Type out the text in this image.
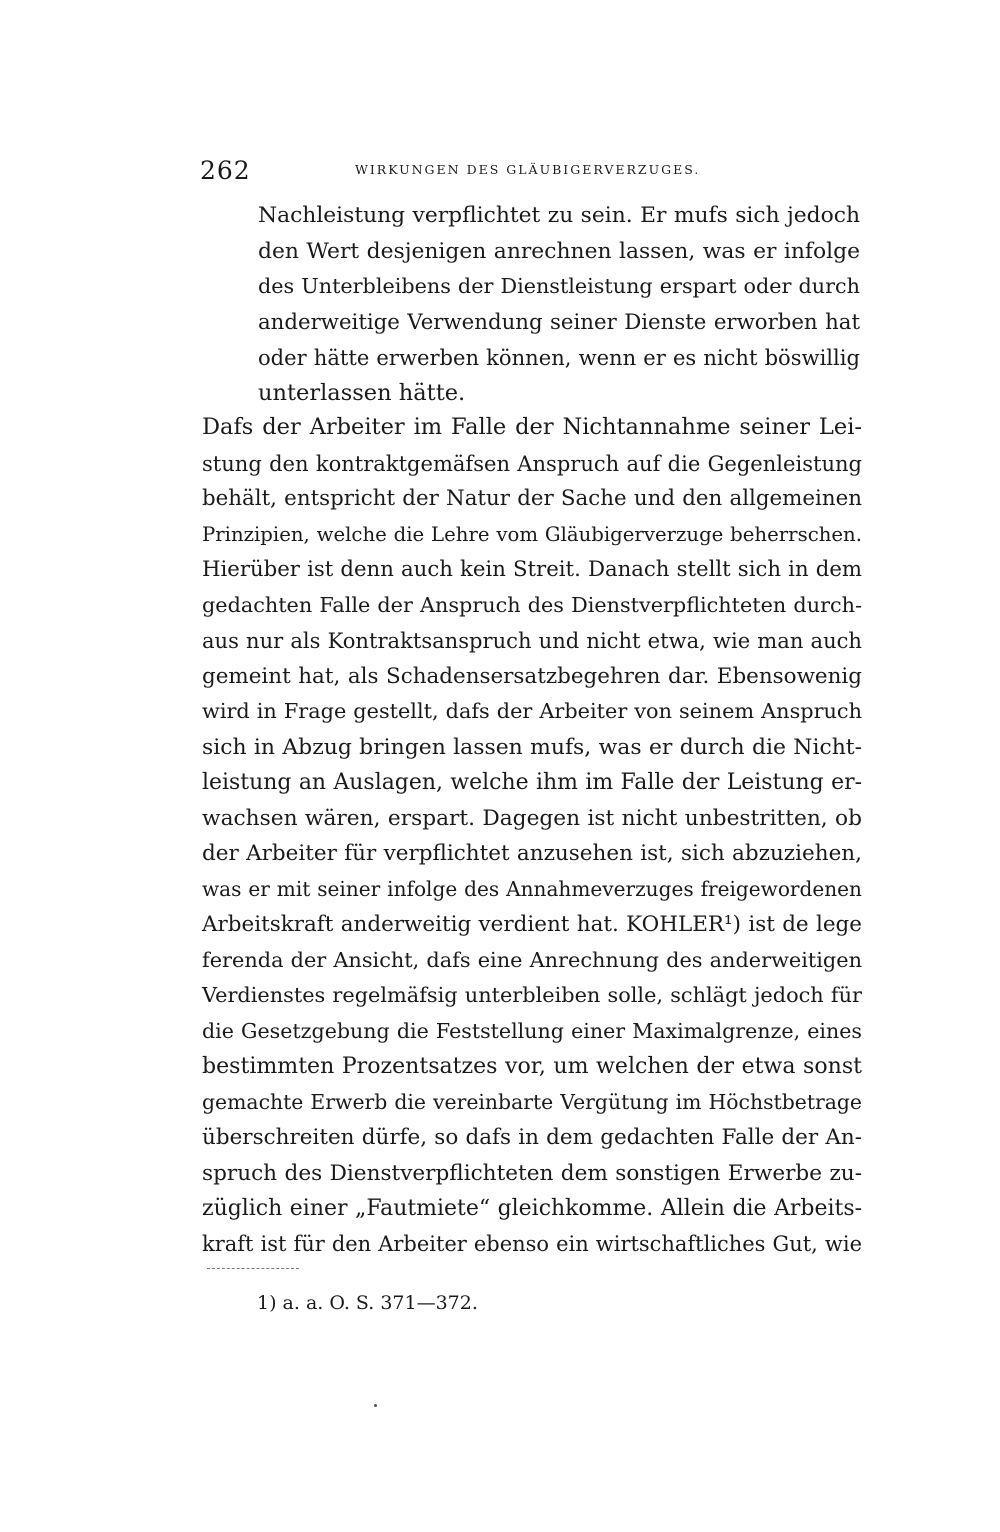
262	WIRKUNGEN DES GLÄUBIGERVERZUGES.
Nachleistung verpflichtet zu sein. Er mufs sich jedoch
den Wert desjenigen anrechnen lassen, was er infolge
des Unterbleibens der Dienstleistung erspart oder durch
anderweitige Verwendung seiner Dienste erworben hat
oder hätte erwerben können, wenn er es nicht böswillig
unterlassen hätte.
Dafs der Arbeiter im Falle der Nichtannahme seiner Lei-
stung den kontraktgemäfsen Anspruch auf die Gegenleistung
behält, entspricht der Natur der Sache und den allgemeinen
Prinzipien, welche die Lehre vom Gläubigerverzuge beherrschen.
Hierüber ist denn auch kein Streit. Danach stellt sich in dem
gedachten Falle der Anspruch des Dienstverpflichteten durch-
aus nur als Kontraktsanspruch und nicht etwa, wie man auch
gemeint hat, als Schadensersatzbegehren dar. Ebensowenig
wird in Frage gestellt, dafs der Arbeiter von seinem Anspruch
sich in Abzug bringen lassen mufs, was er durch die Nicht-
leistung an Auslagen, welche ihm im Falle der Leistung er-
wachsen wären, erspart. Dagegen ist nicht unbestritten, ob
der Arbeiter für verpflichtet anzusehen ist, sich abzuziehen,
was er mit seiner infolge des Annahmeverzuges freigewordenen
Arbeitskraft anderweitig verdient hat. KOHLER¹) ist de lege
ferenda der Ansicht, dafs eine Anrechnung des anderweitigen
Verdienstes regelmäfsig unterbleiben solle, schlägt jedoch für
die Gesetzgebung die Feststellung einer Maximalgrenze, eines
bestimmten Prozentsatzes vor, um welchen der etwa sonst
gemachte Erwerb die vereinbarte Vergütung im Höchstbetrage
überschreiten dürfe, so dafs in dem gedachten Falle der An-
spruch des Dienstverpflichteten dem sonstigen Erwerbe zu-
züglich einer „Fautmiete“ gleichkomme. Allein die Arbeits-
kraft ist für den Arbeiter ebenso ein wirtschaftliches Gut, wie
1) a. a. O. S. 371—372.
